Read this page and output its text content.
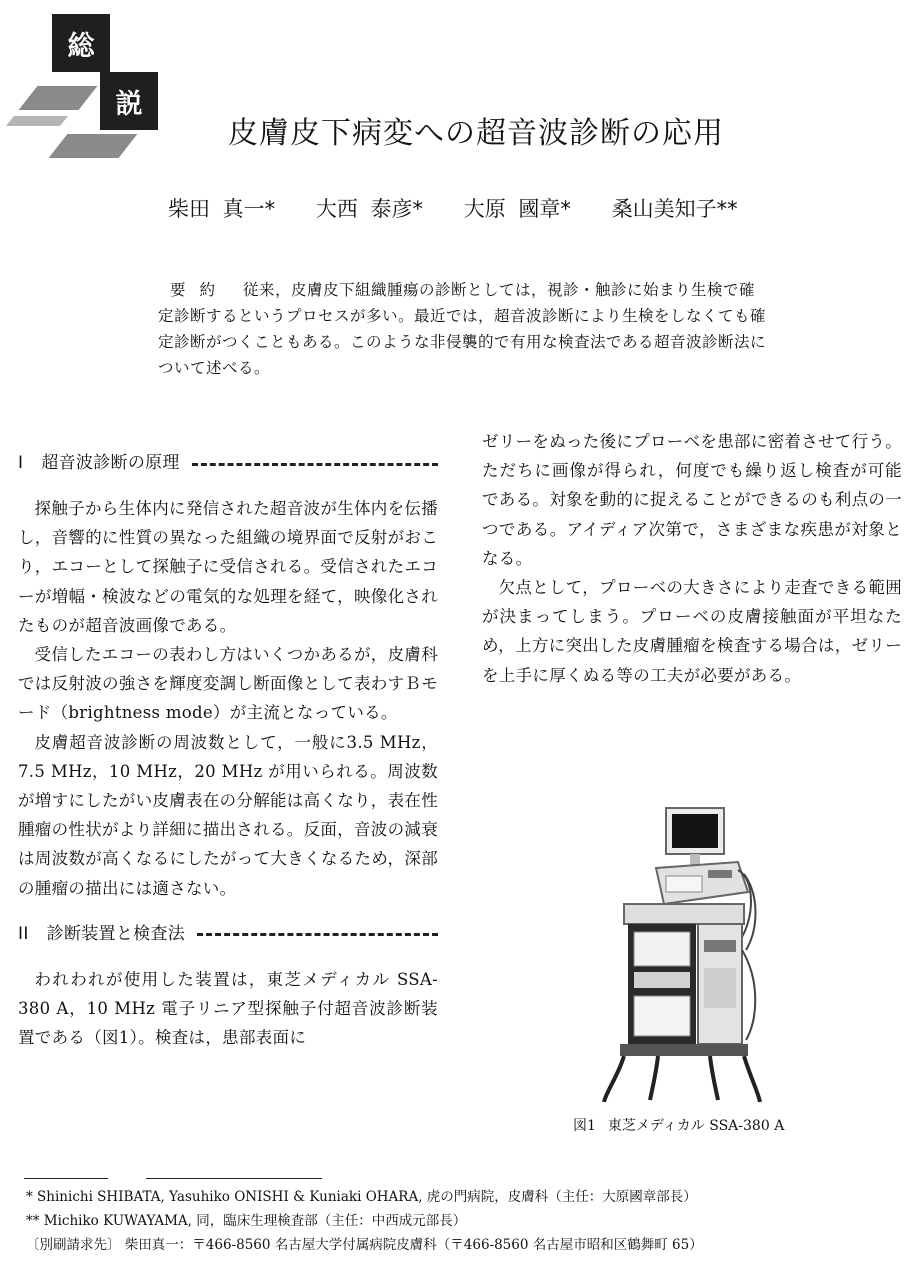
総
説
皮膚皮下病変への超音波診断の応用
柴田 真一* 大西 泰彦* 大原 國章* 桑山美知子**
要約 従来，皮膚皮下組織腫瘍の診断としては，視診・触診に始まり生検で確定診断するというプロセスが多い。最近では，超音波診断により生検をしなくても確定診断がつくこともある。このような非侵襲的で有用な検査法である超音波診断法について述べる。
I 超音波診断の原理

探触子から生体内に発信された超音波が生体内を伝播し，音響的に性質の異なった組織の境界面で反射がおこり，エコーとして探触子に受信される。受信されたエコーが増幅・検波などの電気的な処理を経て，映像化されたものが超音波画像である。

受信したエコーの表わし方はいくつかあるが，皮膚科では反射波の強さを輝度変調し断面像として表わすＢモード（brightness mode）が主流となっている。

皮膚超音波診断の周波数として，一般に3.5 MHz，7.5 MHz，10 MHz，20 MHz が用いられる。周波数が増すにしたがい皮膚表在の分解能は高くなり，表在性腫瘤の性状がより詳細に描出される。反面，音波の減衰は周波数が高くなるにしたがって大きくなるため，深部の腫瘤の描出には適さない。

II 診断装置と検査法

われわれが使用した装置は，東芝メディカル SSA-380 A，10 MHz 電子リニア型探触子付超音波診断装置である（図1）。検査は，患部表面に

ゼリーをぬった後にプローベを患部に密着させて行う。ただちに画像が得られ，何度でも繰り返し検査が可能である。対象を動的に捉えることができるのも利点の一つである。アイディア次第で，さまざまな疾患が対象となる。

欠点として，プローベの大きさにより走査できる範囲が決まってしまう。プローベの皮膚接触面が平坦なため，上方に突出した皮膚腫瘤を検査する場合は，ゼリーを上手に厚くぬる等の工夫が必要がある。

図1 東芝メディカル SSA-380 A
* Shinichi SHIBATA, Yasuhiko ONISHI & Kuniaki OHARA, 虎の門病院，皮膚科（主任：大原國章部長）
** Michiko KUWAYAMA, 同，臨床生理検査部（主任：中西成元部長）
〔別刷請求先〕 柴田真一：〒466-8560 名古屋大学付属病院皮膚科（〒466-8560 名古屋市昭和区鶴舞町 65）
